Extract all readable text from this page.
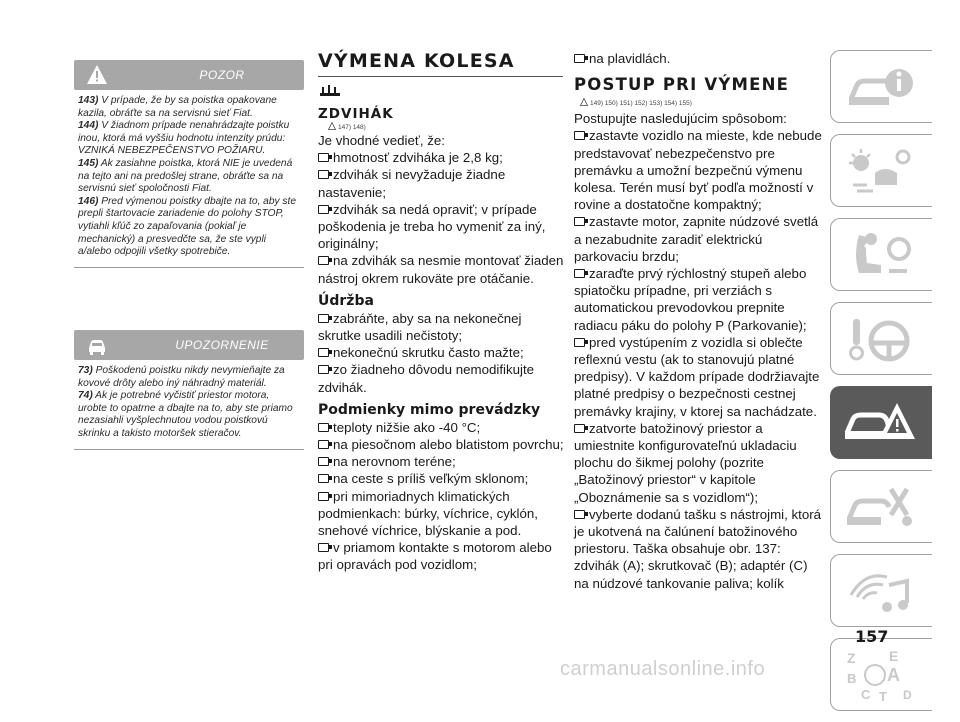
POZOR

143) V prípade, že by sa poistka opakovane kazila, obráťte sa na servisnú sieť Fiat.

144) V žiadnom prípade nenahrádzajte poistku inou, ktorá má vyššiu hodnotu intenzity prúdu: VZNIKÁ NEBEZPEČENSTVO POŽIARU.

145) Ak zasiahne poistka, ktorá NIE je uvedená na tejto ani na predošlej strane, obráťte sa na servisnú sieť spoločnosti Fiat.

146) Pred výmenou poistky dbajte na to, aby ste prepli štartovacie zariadenie do polohy STOP, vytiahli kľúč zo zapaľovania (pokiaľ je mechanický) a presvedčte sa, že ste vypli a/alebo odpojili všetky spotrebiče.

UPOZORNENIE

73) Poškodenú poistku nikdy nevymieňajte za kovové drôty alebo iný náhradný materiál.

74) Ak je potrebné vyčistiť priestor motora, urobte to opatrne a dbajte na to, aby ste priamo nezasiahli vyšplechnutou vodou poistkovú skrinku a takisto motoršek stieračov.

VÝMENA KOLESA
ZDVIHÁK
147) 148)
Je vhodné vedieť, že:
hmotnosť zdviháka je 2,8 kg;
zdvihák si nevyžaduje žiadne nastavenie;
zdvihák sa nedá opraviť; v prípade poškodenia je treba ho vymeniť za iný, originálny;
na zdvihák sa nesmie montovať žiaden nástroj okrem rukoväte pre otáčanie.
Údržba
zabráňte, aby sa na nekonečnej skrutke usadili nečistoty;
nekonečnú skrutku často mažte;
zo žiadneho dôvodu nemodifikujte zdvihák.
Podmienky mimo prevádzky
teploty nižšie ako -40 °C;
na piesočnom alebo blatistom povrchu;
na nerovnom teréne;
na ceste s príliš veľkým sklonom;
pri mimoriadnych klimatických podmienkach: búrky, víchrice, cyklón, snehové víchrice, blýskanie a pod.
v priamom kontakte s motorom alebo pri opravách pod vozidlom;
na plavidlách.
POSTUP PRI VÝMENE
149) 150) 151) 152) 153) 154) 155)
Postupujte nasledujúcim spôsobom:
zastavte vozidlo na mieste, kde nebude predstavovať nebezpečenstvo pre premávku a umožní bezpečnú výmenu kolesa. Terén musí byť podľa možností v rovine a dostatočne kompaktný;
zastavte motor, zapnite núdzové svetlá a nezabudnite zaradiť elektrickú parkovaciu brzdu;
zaraďte prvý rýchlostný stupeň alebo spiatočku prípadne, pri verziách s automatickou prevodovkou prepnite radiacu páku do polohy P (Parkovanie);
pred vystúpením z vozidla si oblečte reflexnú vestu (ak to stanovujú platné predpisy). V každom prípade dodržiavajte platné predpisy o bezpečnosti cestnej premávky krajiny, v ktorej sa nachádzate.
zatvorte batožinový priestor a umiestnite konfigurovateľnú ukladaciu plochu do šikmej polohy (pozrite „Batožinový priestor“ v kapitole „Oboznámenie sa s vozidlom“);
vyberte dodanú tašku s nástrojmi, ktorá je ukotvená na čalúnení batožinového priestoru. Taška obsahuje obr. 137: zdvihák (A); skrutkovač (B); adaptér (C) na núdzové tankovanie paliva; kolík
Z E
B A
C T D
157
carmanualsonline.info
